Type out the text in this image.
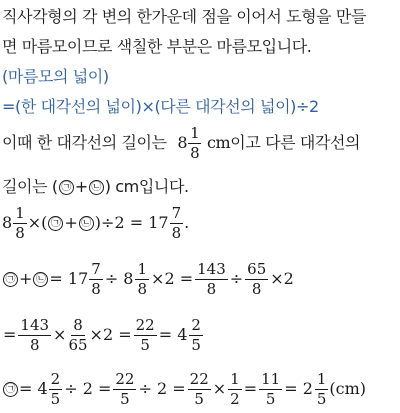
직사각형의 각 변의 한가운데 점을 이어서 도형을 만들
면 마름모이므로 색칠한 부분은 마름모입니다.
(마름모의 넓이)
=(한 대각선의 넓이)×(다른 대각선의 넓이)÷2
이때 한 대각선의 길이는 $8 \frac{1}{8}$ cm이고 다른 대각선의
길이는 ( ㉠ + ㉡ ) cm입니다.
$8 \frac{1}{8}$ ×( ㉠ + ㉡ )$\div 2 = 17 \frac{7}{8}$ .
㉠ + ㉡ = $17 \frac{7}{8} \div 8 \frac{1}{8} \times 2 = \frac{143}{8} \div \frac{65}{8} \times 2$
= $\frac{143}{8} \times \frac{8}{65} \times 2 = \frac{22}{5} = 4 \frac{2}{5}$
㉠ = $4 \frac{2}{5} \div 2 = \frac{22}{5} \div 2 = \frac{22}{5} \times \frac{1}{2} = \frac{11}{5} = 2 \frac{1}{5} (cm)$
